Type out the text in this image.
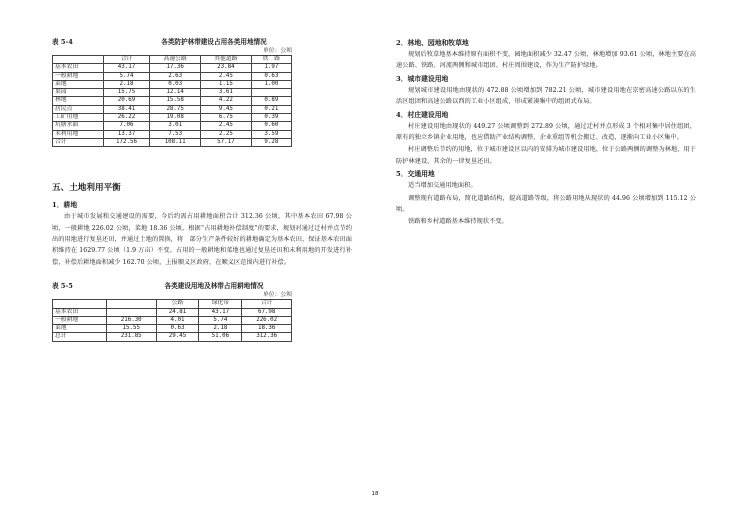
表 5-4	各类防护林带建设占用各类用地情况
单位：公顷
	合计	高速公路	其他道路	铁　路
基本农田	43.17	17.36	23.84	1.97
一般耕地	5.74	2.63	2.45	0.63
菜地	2.18	0.03	1.15	1.00
果园	15.75	12.14	3.61	
林地	20.69	15.58	4.22	0.89
居民点	38.41	28.75	9.45	0.21
工矿用地	26.22	19.08	6.75	0.39
坑塘水面	7.06	3.01	2.45	0.60
未利用地	13.37	7.53	2.25	3.59
合计	172.56	108.11	57.17	9.28
五、土地利用平衡
1．耕地

由于城市发展和交通建设的需要，今后约需占用耕地面积合计 312.36 公顷，其中基本农田 67.98 公顷，一般耕地 226.02 公顷，菜地 18.36 公顷。根据“占用耕地补偿制度”的要求，规划对通过迁村并点节约出的用地进行复垦还田，并通过土地的置换，将　部分生产条件较好的耕地确定为基本农田，保证基本农田面积维持在 1629.77 公顷（1.9 万亩）不变。占用的一般耕地和菜地也通过复垦还田和未利用地的开发进行补偿，补偿后耕地面积减少 162.70 公顷，上报顺义区政府，在顺义区范围内进行补偿。

表 5-5	各类建设用地及林带占用耕地情况
单位：公顷
		公路	绿化带	合计
基本农田		24.81	43.17	67.98
一般耕地	216.30	4.01	5.74	226.02
菜地	15.55	0.63	2.18	18.36
总计	231.85	29.45	51.06	312.36
2．林地、园地和牧草地

规划后牧草地基本维持原有面积不变。园地面积减少 32.47 公顷，林地增加 93.61 公顷，林地主要在高速公路、铁路、河流两侧和城市组团、村庄周围建设，作为生产防护绿地。

3．城市建设用地

规划城市建设用地由现状的 472.88 公顷增加到 782.21 公顷，城市建设用地在京密高速公路以东的生活区组团和高速公路以西的工业小区组成，形成紧凑集中的组团式布局。

4．村庄建设用地

村庄建设用地由现状的 449.27 公顷调整到 272.89 公顷，通过迁村并点形成 3 个相对集中居住组团，原有的独立乡镇企业用地，也应借助产业结构调整、企业重组等机会搬迁、改造，逐渐向工业小区集中。

村庄调整后节约的用地，位于城市建设区以内的安排为城市建设用地，位于公路两侧的调整为林地，用于防护林建设，其余的一律复垦还田。

5．交通用地

适当增加交通用地面积。

调整现有道路布局，简化道路结构，提高道路等级，将公路用地从现状的 44.96 公顷增加到 115.12 公顷。

铁路和乡村道路基本维持现状不变。

18
